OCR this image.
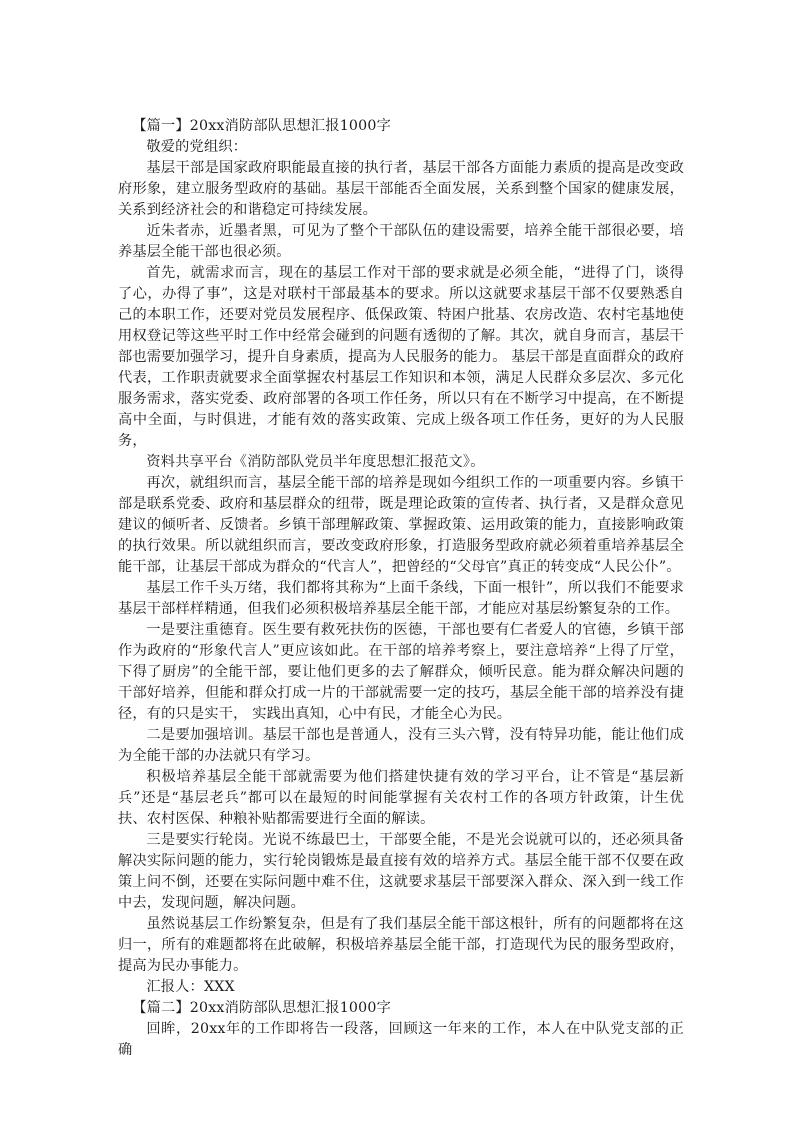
【篇一】20xx消防部队思想汇报1000字

敬爱的党组织：

基层干部是国家政府职能最直接的执行者，基层干部各方面能力素质的提高是改变政府形象，建立服务型政府的基础。基层干部能否全面发展，关系到整个国家的健康发展，关系到经济社会的和谐稳定可持续发展。

近朱者赤，近墨者黑，可见为了整个干部队伍的建设需要，培养全能干部很必要，培养基层全能干部也很必须。

首先，就需求而言，现在的基层工作对干部的要求就是必须全能，“进得了门，谈得了心，办得了事”，这是对联村干部最基本的要求。所以这就要求基层干部不仅要熟悉自己的本职工作，还要对党员发展程序、低保政策、特困户批基、农房改造、农村宅基地使用权登记等这些平时工作中经常会碰到的问题有透彻的了解。其次，就自身而言，基层干部也需要加强学习，提升自身素质，提高为人民服务的能力。 基层干部是直面群众的政府代表，工作职责就要求全面掌握农村基层工作知识和本领，满足人民群众多层次、多元化服务需求，落实党委、政府部署的各项工作任务，所以只有在不断学习中提高，在不断提高中全面，与时俱进，才能有效的落实政策、完成上级各项工作任务，更好的为人民服务，

资料共享平台《消防部队党员半年度思想汇报范文》。

再次，就组织而言，基层全能干部的培养是现如今组织工作的一项重要内容。乡镇干部是联系党委、政府和基层群众的纽带，既是理论政策的宣传者、执行者，又是群众意见建议的倾听者、反馈者。乡镇干部理解政策、掌握政策、运用政策的能力，直接影响政策的执行效果。所以就组织而言，要改变政府形象，打造服务型政府就必须着重培养基层全能干部，让基层干部成为群众的“代言人”，把曾经的“父母官”真正的转变成“人民公仆”。

基层工作千头万绪，我们都将其称为“上面千条线，下面一根针”，所以我们不能要求基层干部样样精通，但我们必须积极培养基层全能干部，才能应对基层纷繁复杂的工作。

一是要注重德育。医生要有救死扶伤的医德，干部也要有仁者爱人的官德，乡镇干部作为政府的“形象代言人”更应该如此。在干部的培养考察上，要注意培养“上得了厅堂，下得了厨房”的全能干部，要让他们更多的去了解群众，倾听民意。能为群众解决问题的干部好培养，但能和群众打成一片的干部就需要一定的技巧，基层全能干部的培养没有捷径，有的只是实干， 实践出真知，心中有民，才能全心为民。

二是要加强培训。基层干部也是普通人，没有三头六臂，没有特异功能，能让他们成为全能干部的办法就只有学习。

积极培养基层全能干部就需要为他们搭建快捷有效的学习平台，让不管是“基层新兵”还是“基层老兵”都可以在最短的时间能掌握有关农村工作的各项方针政策，计生优扶、农村医保、种粮补贴都需要进行全面的解读。

三是要实行轮岗。光说不练最巴士，干部要全能，不是光会说就可以的，还必须具备解决实际问题的能力，实行轮岗锻炼是最直接有效的培养方式。基层全能干部不仅要在政策上问不倒，还要在实际问题中难不住，这就要求基层干部要深入群众、深入到一线工作中去，发现问题，解决问题。

虽然说基层工作纷繁复杂，但是有了我们基层全能干部这根针，所有的问题都将在这归一，所有的难题都将在此破解，积极培养基层全能干部，打造现代为民的服务型政府，提高为民办事能力。

汇报人：XXX

【篇二】20xx消防部队思想汇报1000字

回眸，20xx年的工作即将告一段落，回顾这一年来的工作，本人在中队党支部的正确
